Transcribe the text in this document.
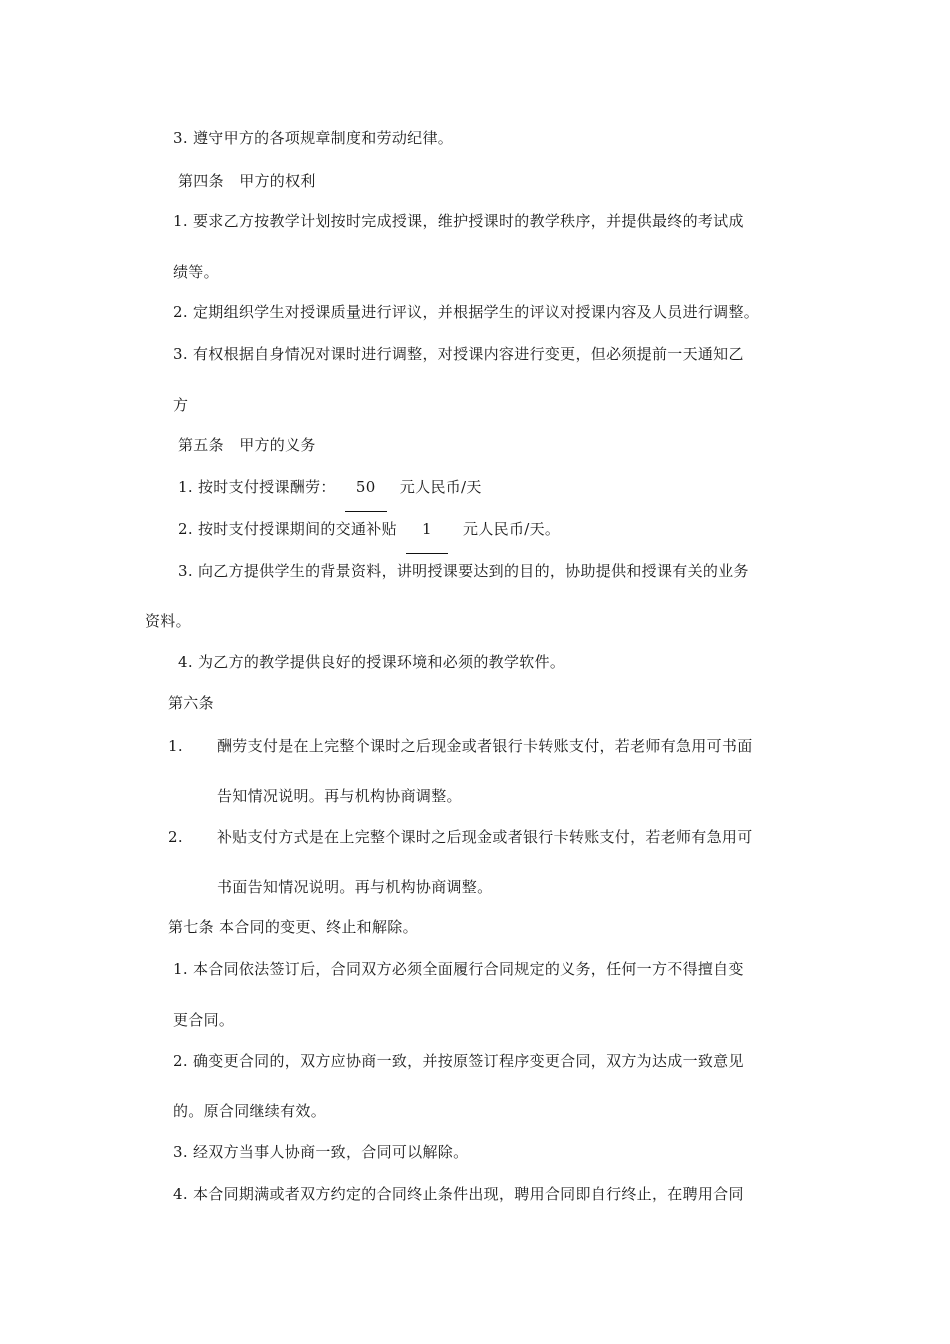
3. 遵守甲方的各项规章制度和劳动纪律。
第四条　甲方的权利
1. 要求乙方按教学计划按时完成授课，维护授课时的教学秩序，并提供最终的考试成
绩等。
2. 定期组织学生对授课质量进行评议，并根据学生的评议对授课内容及人员进行调整。
3. 有权根据自身情况对课时进行调整，对授课内容进行变更，但必须提前一天通知乙
方
第五条　甲方的义务
1. 按时支付授课酬劳： 50 元人民币/天
2. 按时支付授课期间的交通补贴 1 元人民币/天。
3. 向乙方提供学生的背景资料，讲明授课要达到的目的，协助提供和授课有关的业务
资料。
4. 为乙方的教学提供良好的授课环境和必须的教学软件。
第六条
1. 酬劳支付是在上完整个课时之后现金或者银行卡转账支付，若老师有急用可书面
告知情况说明。再与机构协商调整。
2. 补贴支付方式是在上完整个课时之后现金或者银行卡转账支付，若老师有急用可
书面告知情况说明。再与机构协商调整。
第七条 本合同的变更、终止和解除。
1. 本合同依法签订后，合同双方必须全面履行合同规定的义务，任何一方不得擅自变
更合同。
2. 确变更合同的，双方应协商一致，并按原签订程序变更合同，双方为达成一致意见
的。原合同继续有效。
3. 经双方当事人协商一致，合同可以解除。
4. 本合同期满或者双方约定的合同终止条件出现，聘用合同即自行终止，在聘用合同
